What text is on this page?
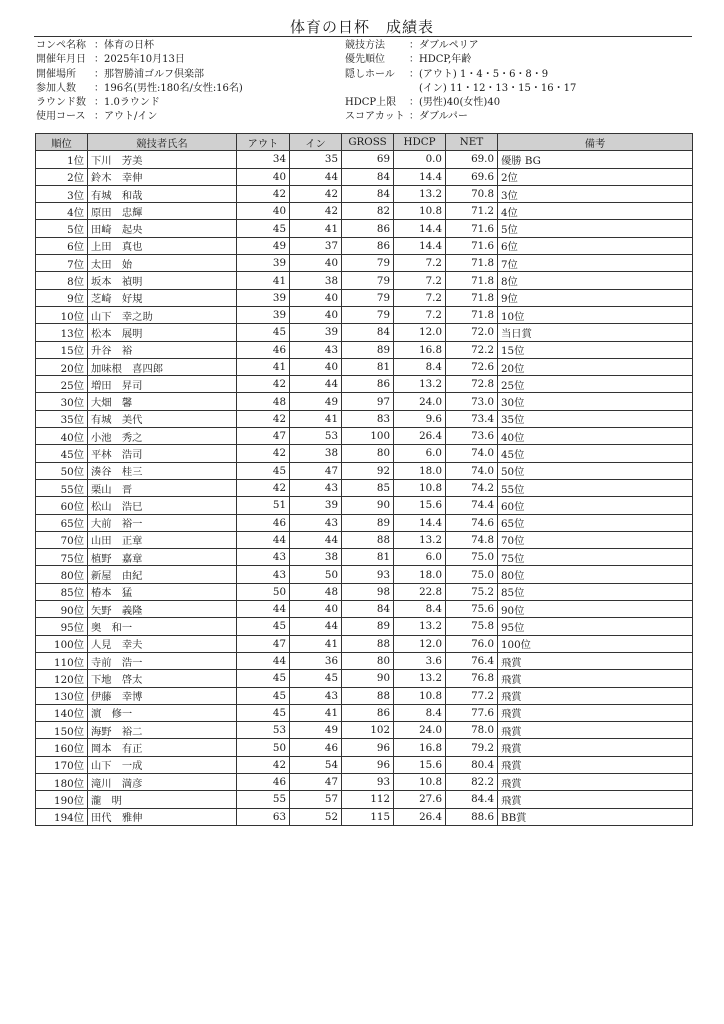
体育の日杯　成績表
コンペ名称 ：体育の日杯
開催年月日 ：2025年10月13日
開催場所	：那智勝浦ゴルフ倶楽部
参加人数	：196名(男性:180名/女性:16名)
ラウンド数 ：1.0ラウンド
使用コース ：アウト/イン
競技方法	：ダブルペリア
優先順位	：HDCP,年齢
隠しホール	：(アウト) 1・4・5・6・8・9
　(イン) 11・12・13・15・16・17
HDCP上限	：(男性)40(女性)40
スコアカット ：ダブルパー
順位	競技者氏名	アウト	イン	GROSS	HDCP	NET	備考
1位	下川　芳美	34	35	69	0.0	69.0	優勝 BG
2位	鈴木　幸伸	40	44	84	14.4	69.6	2位
3位	有城　和哉	42	42	84	13.2	70.8	3位
4位	原田　忠輝	40	42	82	10.8	71.2	4位
5位	田崎　起央	45	41	86	14.4	71.6	5位
6位	上田　真也	49	37	86	14.4	71.6	6位
7位	太田　始	39	40	79	7.2	71.8	7位
8位	坂本　禎明	41	38	79	7.2	71.8	8位
9位	芝崎　好規	39	40	79	7.2	71.8	9位
10位	山下　幸之助	39	40	79	7.2	71.8	10位
13位	松本　展明	45	39	84	12.0	72.0	当日賞
15位	升谷　裕	46	43	89	16.8	72.2	15位
20位	加味根　喜四郎	41	40	81	8.4	72.6	20位
25位	増田　昇司	42	44	86	13.2	72.8	25位
30位	大畑　馨	48	49	97	24.0	73.0	30位
35位	有城　美代	42	41	83	9.6	73.4	35位
40位	小池　秀之	47	53	100	26.4	73.6	40位
45位	平林　浩司	42	38	80	6.0	74.0	45位
50位	湊谷　桂三	45	47	92	18.0	74.0	50位
55位	栗山　晋	42	43	85	10.8	74.2	55位
60位	松山　浩巳	51	39	90	15.6	74.4	60位
65位	大前　裕一	46	43	89	14.4	74.6	65位
70位	山田　正章	44	44	88	13.2	74.8	70位
75位	植野　嘉章	43	38	81	6.0	75.0	75位
80位	新屋　由紀	43	50	93	18.0	75.0	80位
85位	椿本　猛	50	48	98	22.8	75.2	85位
90位	矢野　義隆	44	40	84	8.4	75.6	90位
95位	奥　和一	45	44	89	13.2	75.8	95位
100位	人見　幸夫	47	41	88	12.0	76.0	100位
110位	寺前　浩一	44	36	80	3.6	76.4	飛賞
120位	下地　啓太	45	45	90	13.2	76.8	飛賞
130位	伊藤　幸博	45	43	88	10.8	77.2	飛賞
140位	濵　修一	45	41	86	8.4	77.6	飛賞
150位	海野　裕二	53	49	102	24.0	78.0	飛賞
160位	岡本　有正	50	46	96	16.8	79.2	飛賞
170位	山下　一成	42	54	96	15.6	80.4	飛賞
180位	滝川　満彦	46	47	93	10.8	82.2	飛賞
190位	瀧　明	55	57	112	27.6	84.4	飛賞
194位	田代　雅伸	63	52	115	26.4	88.6	BB賞
